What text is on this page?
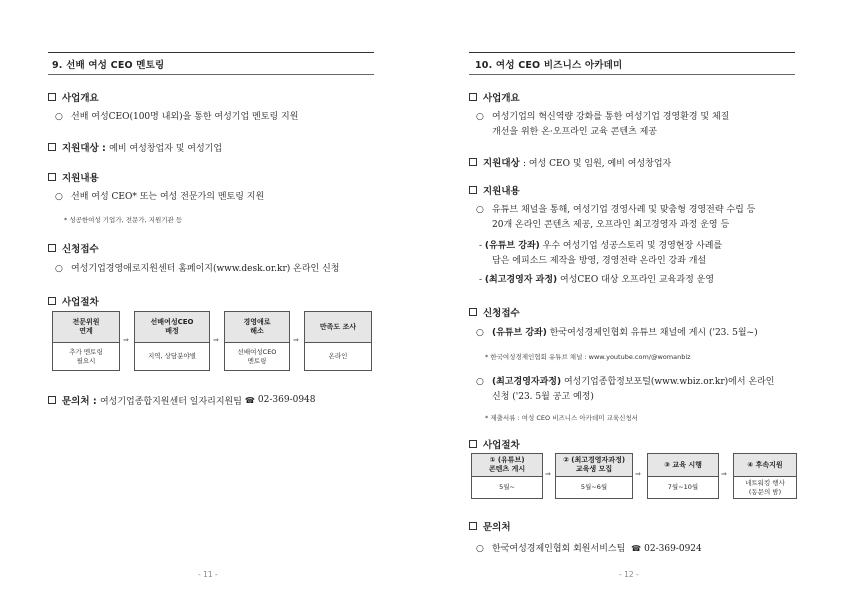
9. 선배 여성 CEO 멘토링
사업개요
○ 선배 여성CEO(100명 내외)을 통한 여성기업 멘토링 지원
지원대상 :
예비 여성창업자 및 여성기업
지원내용
○ 선배 여성 CEO* 또는 여성 전문가의 멘토링 지원
* 성공한여성 기업가, 전문가, 지원기관 등
신청접수
○ 여성기업경영애로지원센터 홈페이지(www.desk.or.kr) 온라인 신청
사업절차
전문위원
연계
추가 멘토링
필요시
⇒
선배여성CEO
배정
지역, 상담분야별
⇒
경영애로
해소
선배여성CEO
멘토링
⇒
만족도 조사
온라인
문의처 :
여성기업종합지원센터 일자리지원팀 ☎ 02-369-0948
- 11 -
10. 여성 CEO 비즈니스 아카데미
사업개요
○ 여성기업의 혁신역량 강화를 통한 여성기업 경영환경 및 체질
개선을 위한 온·오프라인 교육 콘텐츠 제공
지원대상
: 여성 CEO 및 임원, 예비 여성창업자
지원내용
○ 유튜브 채널을 통해, 여성기업 경영사례 및 맞춤형 경영전략 수립 등
20개 온라인 콘텐츠 제공, 오프라인 최고경영자 과정 운영 등
- (유튜브 강좌) 우수 여성기업 성공스토리 및 경영현장 사례를
담은 에피소드 제작을 방영, 경영전략 온라인 강좌 개설
- (최고경영자 과정) 여성CEO 대상 오프라인 교육과정 운영
신청접수
○ (유튜브 강좌) 한국여성경제인협회 유튜브 채널에 게시 ('23. 5월~)
* 한국여성경제인협회 유튜브 채널 : www.youtube.com/@womanbiz
○ (최고경영자과정) 여성기업종합정보포털(www.wbiz.or.kr)에서 온라인
신청 ('23. 5월 공고 예정)
* 제출서류 : 여성 CEO 비즈니스 아카데미 교육신청서
사업절차
① (유튜브)
콘텐츠 게시
5월~
⇒
② (최고경영자과정)
교육생 모집
5월~6월
⇒
③ 교육 시행
7월~10월
⇒
④ 후속지원
네트워킹 행사
(동문의 밤)
문의처
○ 한국여성경제인협회 회원서비스팀 ☎ 02-369-0924
- 12 -
